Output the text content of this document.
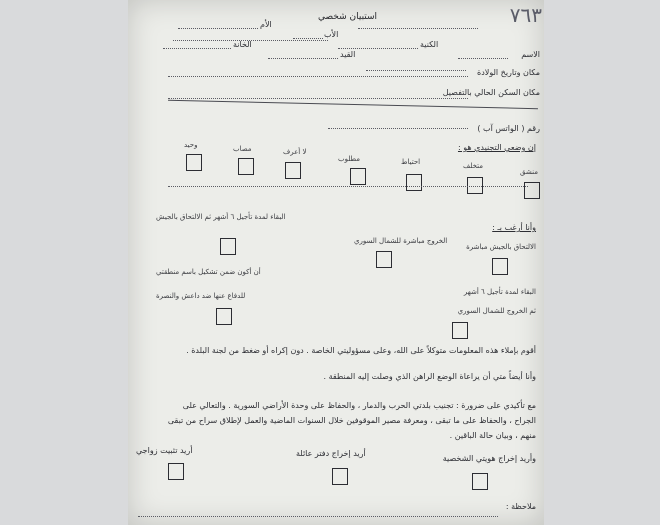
٧٦٣
استبيان شخصي
الاسم
الأب
الأم
الكنية
مكان وتاريخ الولادة
القيد
الخانة
مكان السكن الحالي بالتفصيل
رقم ( الواتس آب )
إن وضعي التجنيدي هو :
منشق
متخلف
احتياط
مطلوب
لا أعرف
مصاب
وحيد
وأنا أرغب بـ :
الالتحاق بالجيش مباشرة
الخروج مباشرة للشمال السوري
البقاء لمدة تأجيل ٦ أشهر ثم الالتحاق بالجيش
البقاء لمدة تأجيل ٦ أشهر
ثم الخروج للشمال السوري
أن أكون ضمن تشكيل باسم منطقتي
للدفاع عنها ضد داعش والنصرة
أقوم بإملاء هذه المعلومات متوكلاً على الله، وعلى مسؤوليتي الخاصة . دون إكراه أو ضغط من لجنة البلدة .
وأنا أيضاً متي أن يراعاة الوضع الراهن الذي وصلت إليه المنطقة .
مع تأكيدي على ضرورة : تجنيب بلدتي الحرب والدمار ، والحفاظ على وحدة الأراضي السورية . والتعالي على
الجراح ، والحفاظ على ما تبقى ، ومعرفة مصير الموقوفين خلال السنوات الماضية والعمل لإطلاق سراح من تبقى
منهم ، وبيان حالة الباقين .
وأريد إخراج هويتي الشخصية
أريد إخراج دفتر عائلة
أريد تثبيت زواجي
ملاحظة :
